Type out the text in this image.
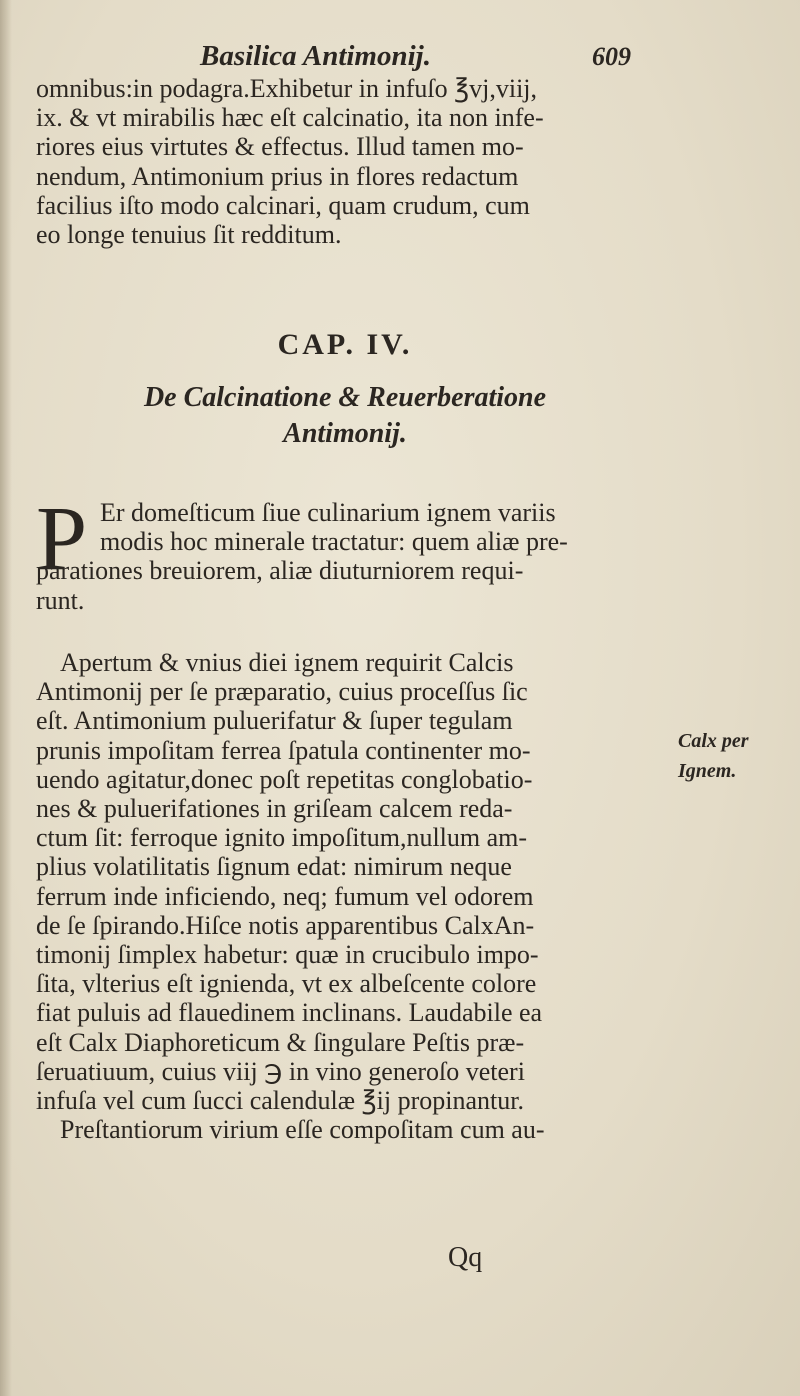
Basilica Antimonij.	609
omnibus:in podagra.Exhibetur in infuſo ℥vj,viij,
ix. & vt mirabilis hæc eſt calcinatio, ita non infe-
riores eius virtutes & effectus. Illud tamen mo-
nendum, Antimonium prius in flores redactum
facilius iſto modo calcinari, quam crudum, cum
eo longe tenuius ſit redditum.
CAP. IV.
De Calcinatione & Reuerberatione
Antimonij.
P Er domeſticum ſiue culinarium ignem variis
modis hoc minerale tractatur: quem aliæ pre-
parationes breuiorem, aliæ diuturniorem requi-
runt.
Apertum & vnius diei ignem requirit Calcis
Antimonij per ſe præparatio, cuius proceſſus ſic
eſt. Antimonium puluerifatur & ſuper tegulam
prunis impoſitam ferrea ſpatula continenter mo-
uendo agitatur,donec poſt repetitas conglobatio-
nes & puluerifationes in griſeam calcem reda-
ctum ſit: ferroque ignito impoſitum,nullum am-
plius volatilitatis ſignum edat: nimirum neque
ferrum inde inficiendo, neq; fumum vel odorem
de ſe ſpirando.Hiſce notis apparentibus CalxAn-
timonij ſimplex habetur: quæ in crucibulo impo-
ſita, vlterius eſt ignienda, vt ex albeſcente colore
fiat puluis ad flauedinem inclinans. Laudabile ea
eſt Calx Diaphoreticum & ſingulare Peſtis præ-
ſeruatiuum, cuius viij ℈ in vino generoſo veteri
infuſa vel cum ſucci calendulæ ℥ij propinantur.
Preſtantiorum virium eſſe compoſitam cum au-
Calx per
Ignem.
Qq
